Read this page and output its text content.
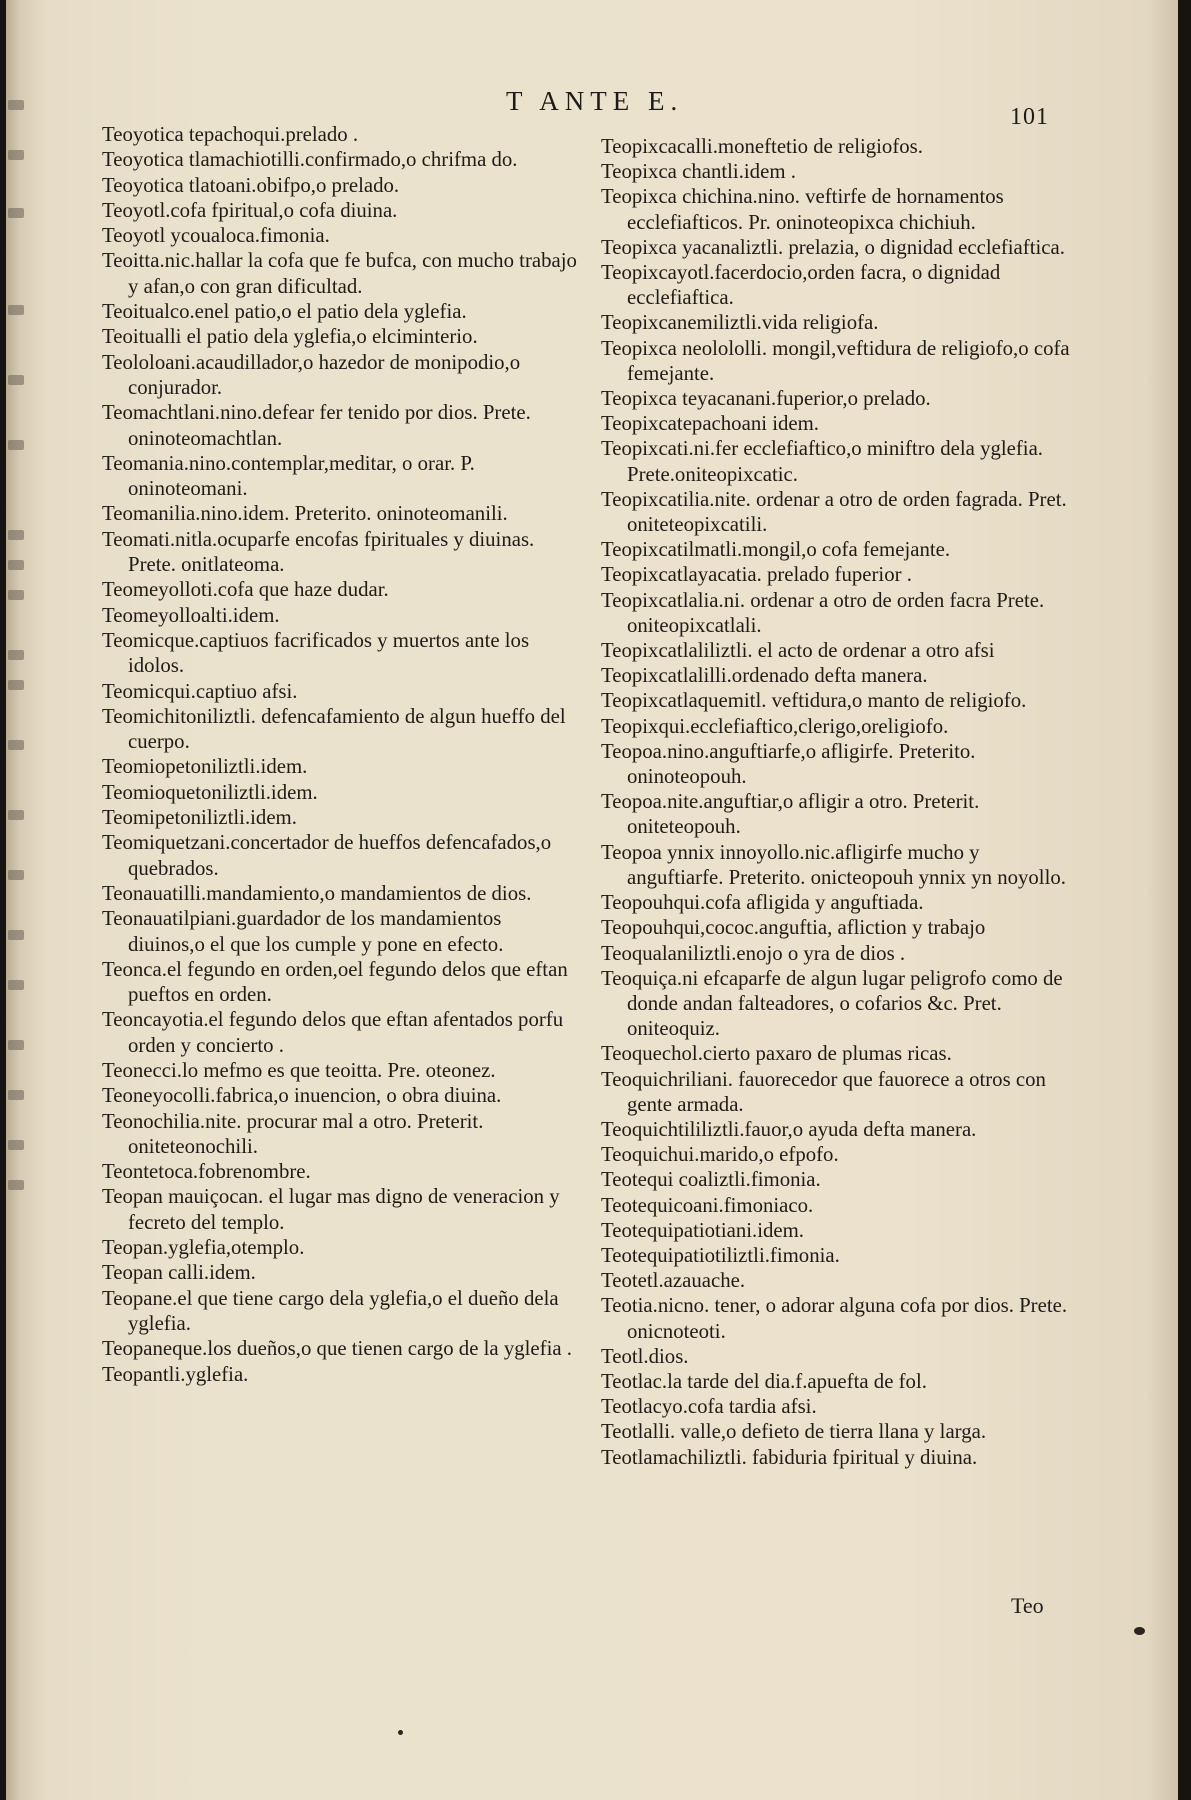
T ANTE E.
101
Teoyotica tepachoqui.prelado .
Teoyotica tlamachiotilli.confirmado,o chrifma do.
Teoyotica tlatoani.obifpo,o prelado.
Teoyotl.cofa fpiritual,o cofa diuina.
Teoyotl ycoualoca.fimonia.
Teoitta.nic.hallar la cofa que fe bufca, con mucho trabajo y afan,o con gran dificultad.
Teoitualco.enel patio,o el patio dela yglefia.
Teoitualli el patio dela yglefia,o elciminterio.
Teololoani.acaudillador,o hazedor de monipodio,o conjurador.
Teomachtlani.nino.defear fer tenido por dios. Prete. oninoteomachtlan.
Teomania.nino.contemplar,meditar, o orar. P. oninoteomani.
Teomanilia.nino.idem. Preterito. oninoteomanili.
Teomati.nitla.ocuparfe encofas fpirituales y diuinas. Prete. onitlateoma.
Teomeyolloti.cofa que haze dudar.
Teomeyolloalti.idem.
Teomicque.captiuos facrificados y muertos ante los idolos.
Teomicqui.captiuo afsi.
Teomichitoniliztli. defencafamiento de algun hueffo del cuerpo.
Teomiopetoniliztli.idem.
Teomioquetoniliztli.idem.
Teomipetoniliztli.idem.
Teomiquetzani.concertador de hueffos defencafados,o quebrados.
Teonauatilli.mandamiento,o mandamientos de dios.
Teonauatilpiani.guardador de los mandamientos diuinos,o el que los cumple y pone en efecto.
Teonca.el fegundo en orden,oel fegundo delos que eftan pueftos en orden.
Teoncayotia.el fegundo delos que eftan afentados porfu orden y concierto .
Teonecci.lo mefmo es que teoitta. Pre. oteonez.
Teoneyocolli.fabrica,o inuencion, o obra diuina.
Teonochilia.nite. procurar mal a otro. Preterit. oniteteonochili.
Teontetoca.fobrenombre.
Teopan mauiçocan. el lugar mas digno de veneracion y fecreto del templo.
Teopan.yglefia,otemplo.
Teopan calli.idem.
Teopane.el que tiene cargo dela yglefia,o el dueño dela yglefia.
Teopaneque.los dueños,o que tienen cargo de la yglefia .
Teopantli.yglefia.
Teopixcacalli.moneftetio de religiofos.
Teopixca chantli.idem .
Teopixca chichina.nino. veftirfe de hornamentos ecclefiafticos. Pr. oninoteopixca chichiuh.
Teopixca yacanaliztli. prelazia, o dignidad ecclefiaftica.
Teopixcayotl.facerdocio,orden facra, o dignidad ecclefiaftica.
Teopixcanemiliztli.vida religiofa.
Teopixca neolololli. mongil,veftidura de religiofo,o cofa femejante.
Teopixca teyacanani.fuperior,o prelado.
Teopixcatepachoani idem.
Teopixcati.ni.fer ecclefiaftico,o miniftro dela yglefia. Prete.oniteopixcatic.
Teopixcatilia.nite. ordenar a otro de orden fagrada. Pret. oniteteopixcatili.
Teopixcatilmatli.mongil,o cofa femejante.
Teopixcatlayacatia. prelado fuperior .
Teopixcatlalia.ni. ordenar a otro de orden facra Prete. oniteopixcatlali.
Teopixcatlaliliztli. el acto de ordenar a otro afsi
Teopixcatlalilli.ordenado defta manera.
Teopixcatlaquemitl. veftidura,o manto de religiofo.
Teopixqui.ecclefiaftico,clerigo,oreligiofo.
Teopoa.nino.anguftiarfe,o afligirfe. Preterito. oninoteopouh.
Teopoa.nite.anguftiar,o afligir a otro. Preterit. oniteteopouh.
Teopoa ynnix innoyollo.nic.afligirfe mucho y anguftiarfe. Preterito. onicteopouh ynnix yn noyollo.
Teopouhqui.cofa afligida y anguftiada.
Teopouhqui,cococ.anguftia, afliction y trabajo
Teoqualaniliztli.enojo o yra de dios .
Teoquiça.ni efcaparfe de algun lugar peligrofo como de donde andan falteadores, o cofarios &c. Pret. oniteoquiz.
Teoquechol.cierto paxaro de plumas ricas.
Teoquichriliani. fauorecedor que fauorece a otros con gente armada.
Teoquichtililiztli.fauor,o ayuda defta manera.
Teoquichui.marido,o efpofo.
Teotequi coaliztli.fimonia.
Teotequicoani.fimoniaco.
Teotequipatiotiani.idem.
Teotequipatiotiliztli.fimonia.
Teotetl.azauache.
Teotia.nicno. tener, o adorar alguna cofa por dios. Prete. onicnoteoti.
Teotl.dios.
Teotlac.la tarde del dia.f.apuefta de fol.
Teotlacyo.cofa tardia afsi.
Teotlalli. valle,o defieto de tierra llana y larga.
Teotlamachiliztli. fabiduria fpiritual y diuina.
Teo
